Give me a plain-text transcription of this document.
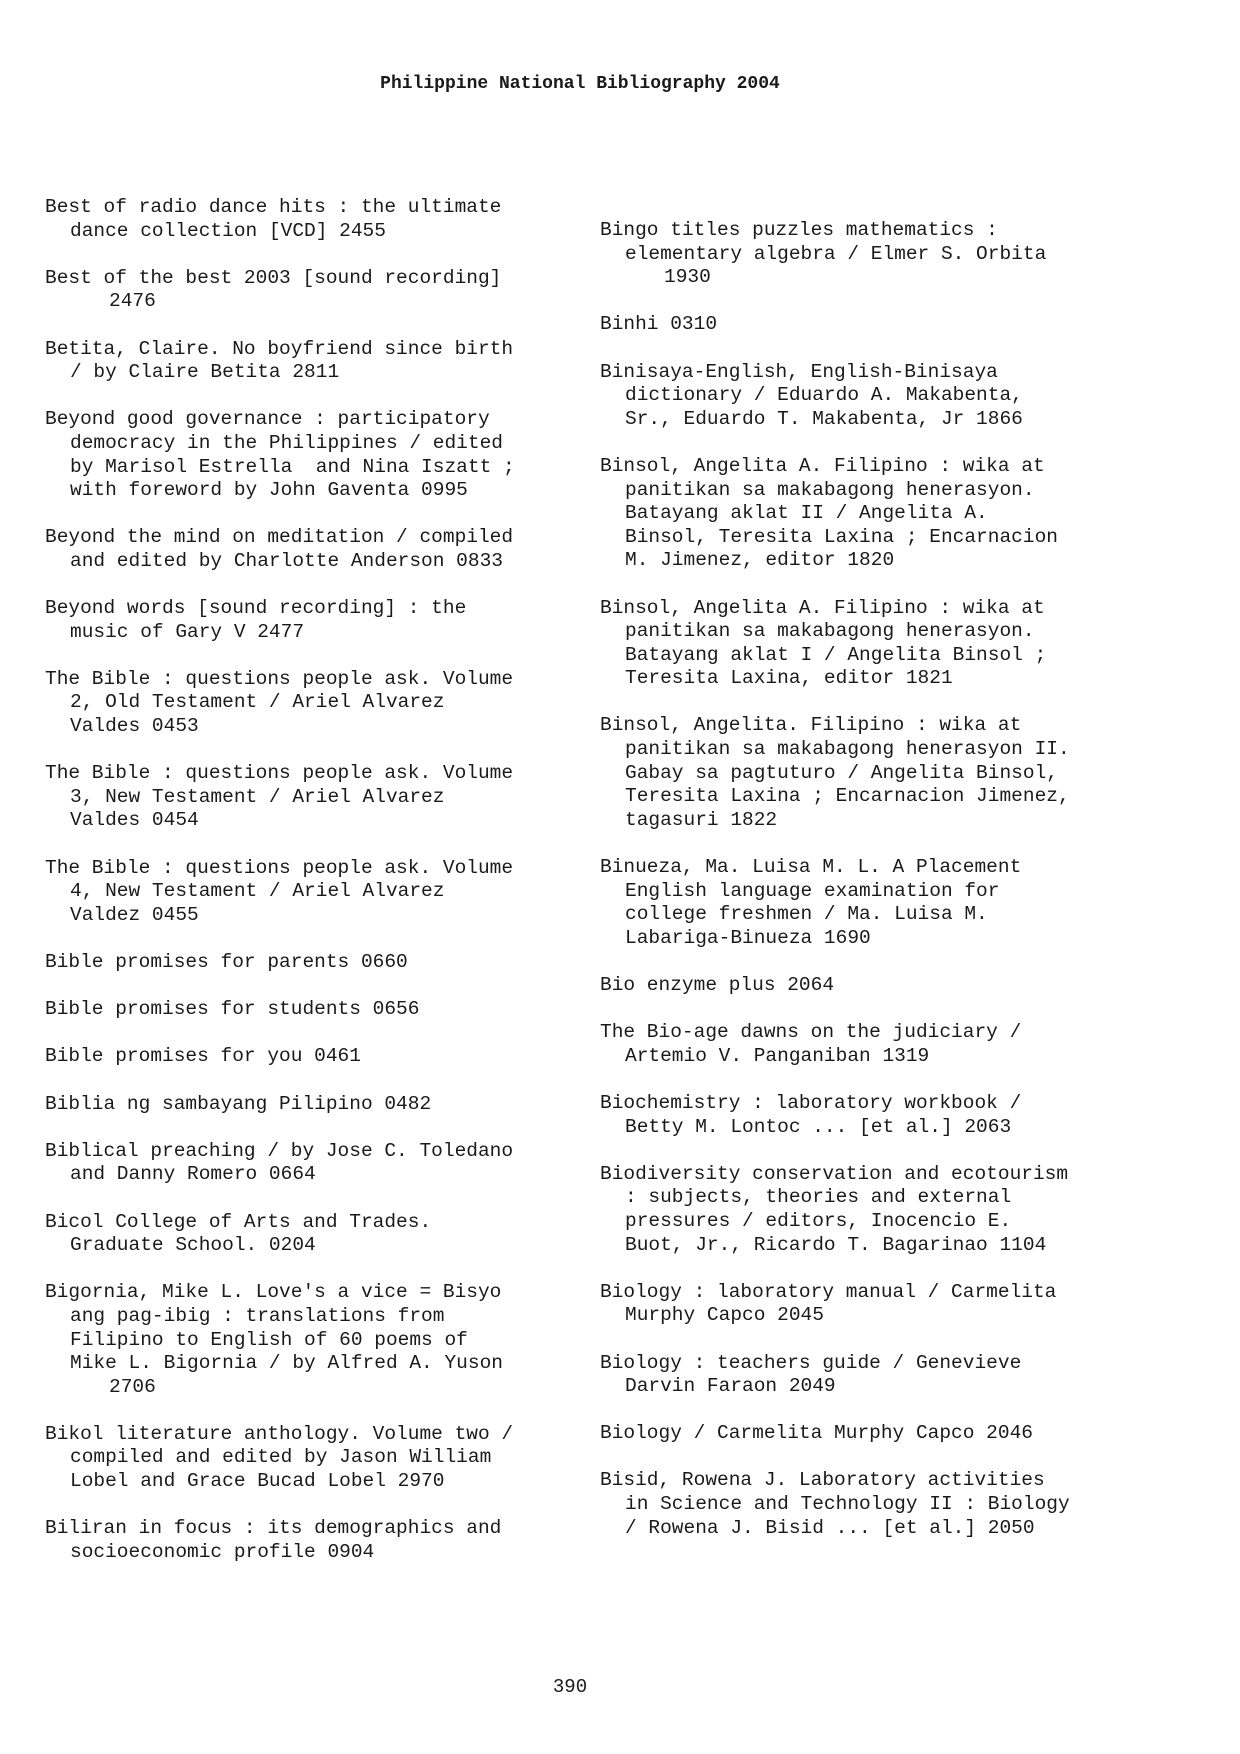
Philippine National Bibliography 2004
Best of radio dance hits : the ultimate
dance collection [VCD] 2455
Best of the best 2003 [sound recording]
2476
Betita, Claire. No boyfriend since birth
/ by Claire Betita 2811
Beyond good governance : participatory
democracy in the Philippines / edited
by Marisol Estrella  and Nina Iszatt ;
with foreword by John Gaventa 0995
Beyond the mind on meditation / compiled
and edited by Charlotte Anderson 0833
Beyond words [sound recording] : the
music of Gary V 2477
The Bible : questions people ask. Volume
2, Old Testament / Ariel Alvarez
Valdes 0453
The Bible : questions people ask. Volume
3, New Testament / Ariel Alvarez
Valdes 0454
The Bible : questions people ask. Volume
4, New Testament / Ariel Alvarez
Valdez 0455
Bible promises for parents 0660
Bible promises for students 0656
Bible promises for you 0461
Biblia ng sambayang Pilipino 0482
Biblical preaching / by Jose C. Toledano
and Danny Romero 0664
Bicol College of Arts and Trades.
Graduate School. 0204
Bigornia, Mike L. Love's a vice = Bisyo
ang pag-ibig : translations from
Filipino to English of 60 poems of
Mike L. Bigornia / by Alfred A. Yuson
2706
Bikol literature anthology. Volume two /
compiled and edited by Jason William
Lobel and Grace Bucad Lobel 2970
Biliran in focus : its demographics and
socioeconomic profile 0904
Bingo titles puzzles mathematics :
elementary algebra / Elmer S. Orbita
1930
Binhi 0310
Binisaya-English, English-Binisaya
dictionary / Eduardo A. Makabenta,
Sr., Eduardo T. Makabenta, Jr 1866
Binsol, Angelita A. Filipino : wika at
panitikan sa makabagong henerasyon.
Batayang aklat II / Angelita A.
Binsol, Teresita Laxina ; Encarnacion
M. Jimenez, editor 1820
Binsol, Angelita A. Filipino : wika at
panitikan sa makabagong henerasyon.
Batayang aklat I / Angelita Binsol ;
Teresita Laxina, editor 1821
Binsol, Angelita. Filipino : wika at
panitikan sa makabagong henerasyon II.
Gabay sa pagtuturo / Angelita Binsol,
Teresita Laxina ; Encarnacion Jimenez,
tagasuri 1822
Binueza, Ma. Luisa M. L. A Placement
English language examination for
college freshmen / Ma. Luisa M.
Labariga-Binueza 1690
Bio enzyme plus 2064
The Bio-age dawns on the judiciary /
Artemio V. Panganiban 1319
Biochemistry : laboratory workbook /
Betty M. Lontoc ... [et al.] 2063
Biodiversity conservation and ecotourism
: subjects, theories and external
pressures / editors, Inocencio E.
Buot, Jr., Ricardo T. Bagarinao 1104
Biology : laboratory manual / Carmelita
Murphy Capco 2045
Biology : teachers guide / Genevieve
Darvin Faraon 2049
Biology / Carmelita Murphy Capco 2046
Bisid, Rowena J. Laboratory activities
in Science and Technology II : Biology
/ Rowena J. Bisid ... [et al.] 2050
390
